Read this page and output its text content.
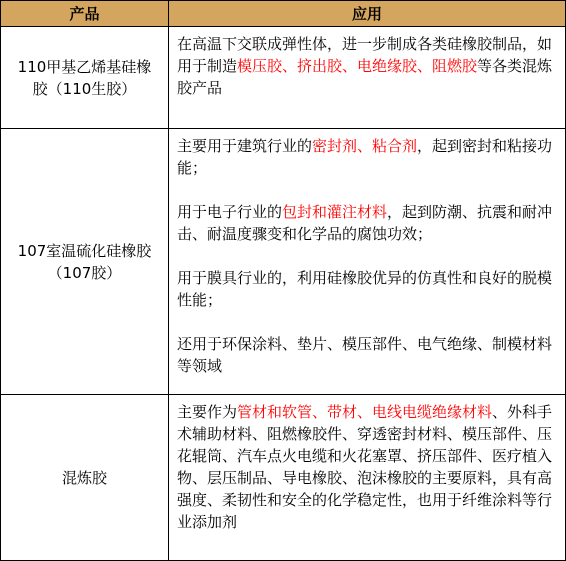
产品	应用
110甲基乙烯基硅橡
胶（110生胶）

在高温下交联成弹性体，进一步制成各类硅橡胶制品，如用于制造模压胶、挤出胶、电绝缘胶、阻燃胶等各类混炼胶产品

107室温硫化硅橡胶
（107胶）

主要用于建筑行业的密封剂、粘合剂，起到密封和粘接功能；

用于电子行业的包封和灌注材料，起到防潮、抗震和耐冲击、耐温度骤变和化学品的腐蚀功效；

用于膜具行业的，利用硅橡胶优异的仿真性和良好的脱模性能；

还用于环保涂料、垫片、模压部件、电气绝缘、制模材料等领域

混炼胶

主要作为管材和软管、带材、电线电缆绝缘材料、外科手术辅助材料、阻燃橡胶件、穿透密封材料、模压部件、压花辊筒、汽车点火电缆和火花塞罩、挤压部件、医疗植入物、层压制品、导电橡胶、泡沫橡胶的主要原料，具有高强度、柔韧性和安全的化学稳定性，也用于纤维涂料等行业添加剂
